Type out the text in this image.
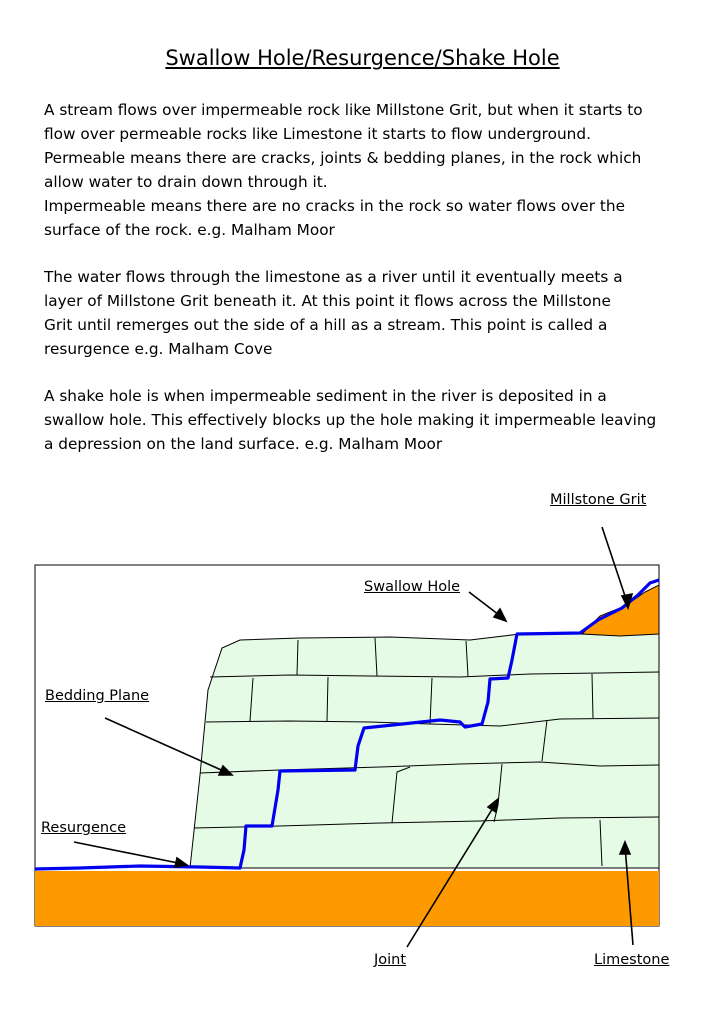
Swallow Hole/Resurgence/Shake Hole
A stream flows over impermeable rock like Millstone Grit, but when it starts to
flow over permeable rocks like Limestone it starts to flow underground.
Permeable means there are cracks, joints & bedding planes, in the rock which
allow water to drain down through it.
Impermeable means there are no cracks in the rock so water flows over the
surface of the rock. e.g. Malham Moor
The water flows through the limestone as a river until it eventually meets a
layer of Millstone Grit beneath it. At this point it flows across the Millstone
Grit until remerges out the side of a hill as a stream. This point is called a
resurgence e.g. Malham Cove
A shake hole is when impermeable sediment in the river is deposited in a
swallow hole. This effectively blocks up the hole making it impermeable leaving
a depression on the land surface. e.g. Malham Moor
Millstone Grit
Swallow Hole
Bedding Plane
Resurgence
Joint	Limestone
